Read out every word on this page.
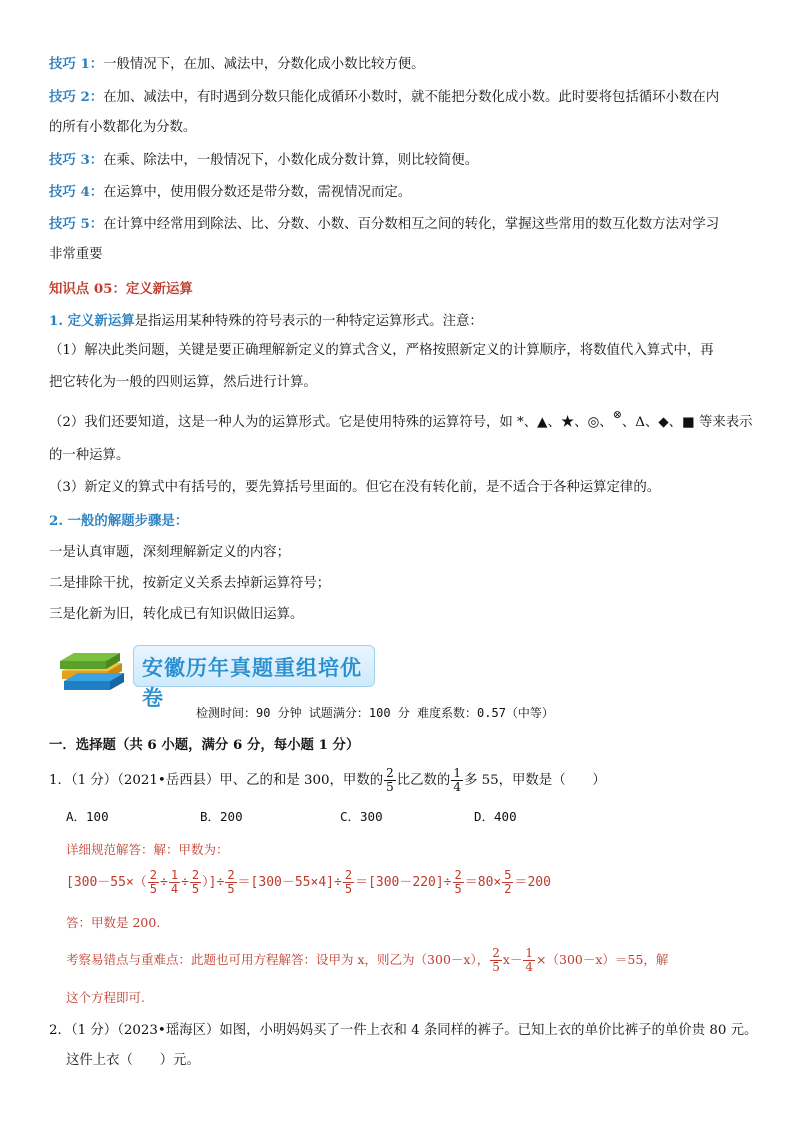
技巧 1：一般情况下，在加、减法中，分数化成小数比较方便。
技巧 2：在加、减法中，有时遇到分数只能化成循环小数时，就不能把分数化成小数。此时要将包括循环小数在内
的所有小数都化为分数。
技巧 3：在乘、除法中，一般情况下，小数化成分数计算，则比较简便。
技巧 4：在运算中，使用假分数还是带分数，需视情况而定。
技巧 5：在计算中经常用到除法、比、分数、小数、百分数相互之间的转化，掌握这些常用的数互化数方法对学习
非常重要
知识点 05：定义新运算
1. 定义新运算是指运用某种特殊的符号表示的一种特定运算形式。注意：
（1）解决此类问题，关键是要正确理解新定义的算式含义，严格按照新定义的计算顺序，将数值代入算式中，再
把它转化为一般的四则运算，然后进行计算。
（2）我们还要知道，这是一种人为的运算形式。它是使用特殊的运算符号，如 *、▲、★、◎、⊗、Δ、◆、■ 等来表示
的一种运算。
（3）新定义的算式中有括号的，要先算括号里面的。但它在没有转化前，是不适合于各种运算定律的。
2. 一般的解题步骤是：
一是认真审题，深刻理解新定义的内容；
二是排除干扰，按新定义关系去掉新运算符号；
三是化新为旧，转化成已有知识做旧运算。
安徽历年真题重组培优卷
检测时间：90 分钟 试题满分：100 分 难度系数：0.57（中等）
一．选择题（共 6 小题，满分 6 分，每小题 1 分）
1．（1 分）（2021•岳西县）甲、乙的和是 300，甲数的 $\frac{2}{5}$ 比乙数的 $\frac{1}{4}$ 多 55，甲数是（　　）
A．100	B．200	C．300	D．400
详细规范解答：解：甲数为：
[$300-55\times( \frac{2}{5} \div \frac{1}{4} \div \frac{2}{5}$ ）]÷ $\frac{2}{5} =[300-55\times 4]\div \frac{2}{5} =[300-220]\div \frac{2}{5} =80\times \frac{5}{2} =200$
答：甲数是 200.
考察易错点与重难点：此题也可用方程解答：设甲为 x，则乙为（300－x）， $\frac{2}{5} x- \frac{1}{4} \times(300-x)=55$，解
这个方程即可.
2．（1 分）（2023•瑶海区）如图，小明妈妈买了一件上衣和 4 条同样的裤子。已知上衣的单价比裤子的单价贵 80 元。
这件上衣（　　）元。
